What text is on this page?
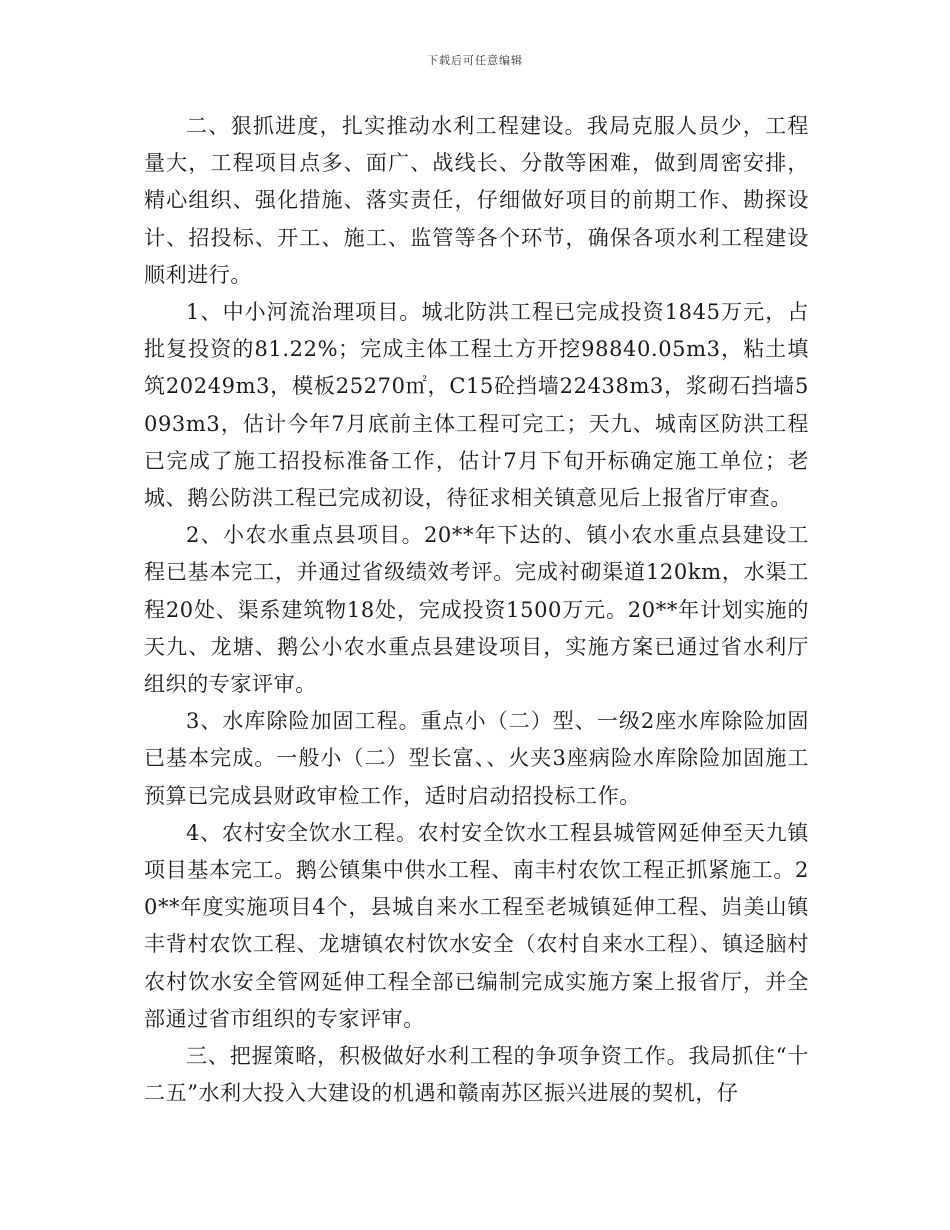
下载后可任意编辑

二、狠抓进度，扎实推动水利工程建设。我局克服人员少，工程量大，工程项目点多、面广、战线长、分散等困难，做到周密安排，精心组织、强化措施、落实责任，仔细做好项目的前期工作、勘探设计、招投标、开工、施工、监管等各个环节，确保各项水利工程建设顺利进行。

1、中小河流治理项目。城北防洪工程已完成投资1845万元，占批复投资的81.22%；完成主体工程土方开挖98840.05m3，粘土填筑20249m3，模板25270㎡，C15砼挡墙22438m3，浆砌石挡墙5093m3，估计今年7月底前主体工程可完工；天九、城南区防洪工程已完成了施工招投标准备工作，估计7月下旬开标确定施工单位；老城、鹅公防洪工程已完成初设，待征求相关镇意见后上报省厅审查。

2、小农水重点县项目。20**年下达的、镇小农水重点县建设工程已基本完工，并通过省级绩效考评。完成衬砌渠道120km，水渠工程20处、渠系建筑物18处，完成投资1500万元。20**年计划实施的天九、龙塘、鹅公小农水重点县建设项目，实施方案已通过省水利厅组织的专家评审。

3、水库除险加固工程。重点小（二）型、一级2座水库除险加固已基本完成。一般小（二）型长富、、火夹3座病险水库除险加固施工预算已完成县财政审检工作，适时启动招投标工作。

4、农村安全饮水工程。农村安全饮水工程县城管网延伸至天九镇项目基本完工。鹅公镇集中供水工程、南丰村农饮工程正抓紧施工。20**年度实施项目4个，县城自来水工程至老城镇延伸工程、岿美山镇丰背村农饮工程、龙塘镇农村饮水安全（农村自来水工程）、镇迳脑村农村饮水安全管网延伸工程全部已编制完成实施方案上报省厅，并全部通过省市组织的专家评审。

三、把握策略，积极做好水利工程的争项争资工作。我局抓住“十二五”水利大投入大建设的机遇和赣南苏区振兴进展的契机，仔
